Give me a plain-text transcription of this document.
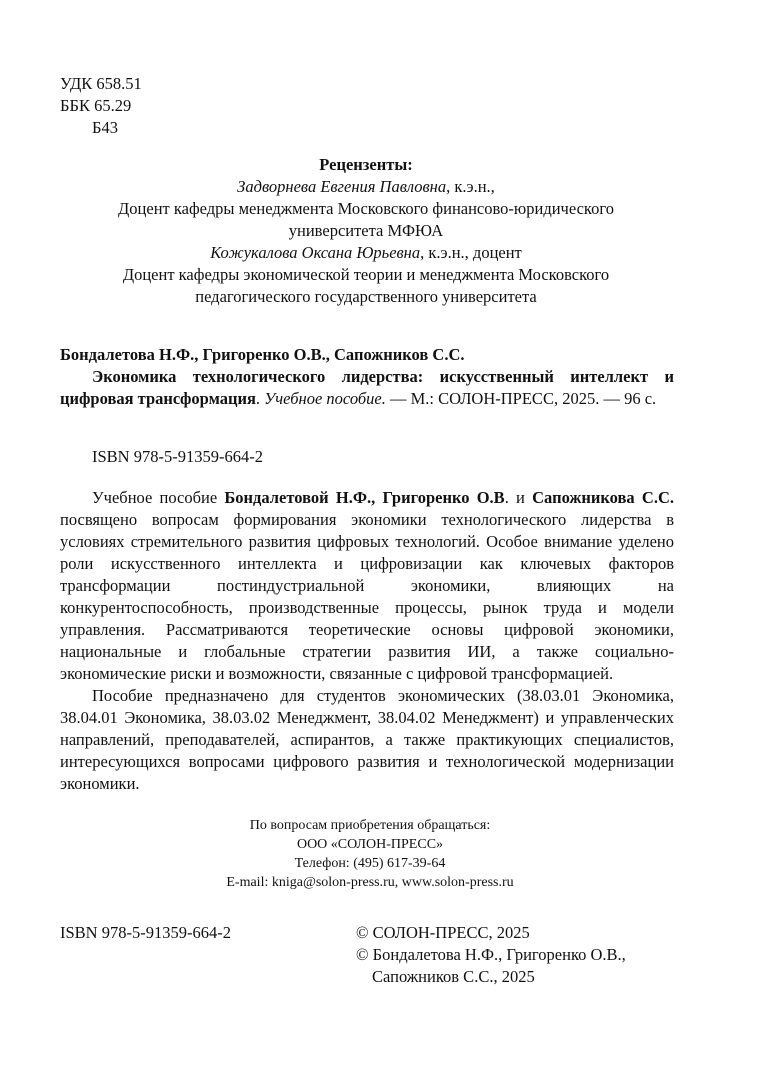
УДК 658.51
ББК 65.29
Б43
Рецензенты:
Задворнева Евгения Павловна, к.э.н.,
Доцент кафедры менеджмента Московского финансово-юридического
университета МФЮА
Кожукалова Оксана Юрьевна, к.э.н., доцент
Доцент кафедры экономической теории и менеджмента Московского
педагогического государственного университета
Бондалетова Н.Ф., Григоренко О.В., Сапожников С.С.
Экономика технологического лидерства: искусственный интеллект и цифровая трансформация. Учебное пособие. — М.: СОЛОН-ПРЕСС, 2025. — 96 с.
ISBN 978-5-91359-664-2

Учебное пособие Бондалетовой Н.Ф., Григоренко О.В. и Сапожникова С.С. посвящено вопросам формирования экономики технологического лидерства в условиях стремительного развития цифровых технологий. Особое внимание уделено роли искусственного интеллекта и цифровизации как ключевых факторов трансформации постиндустриальной экономики, влияющих на конкурентоспособность, производственные процессы, рынок труда и модели управления. Рассматриваются теоретические основы цифровой экономики, национальные и глобальные стратегии развития ИИ, а также социально-экономические риски и возможности, связанные с цифровой трансформацией.

Пособие предназначено для студентов экономических (38.03.01 Экономика, 38.04.01 Экономика, 38.03.02 Менеджмент, 38.04.02 Менеджмент) и управленческих направлений, преподавателей, аспирантов, а также практикующих специалистов, интересующихся вопросами цифрового развития и технологической модернизации экономики.

По вопросам приобретения обращаться:
ООО «СОЛОН-ПРЕСС»
Телефон: (495) 617-39-64
E-mail: kniga@solon-press.ru, www.solon-press.ru
ISBN 978-5-91359-664-2	© СОЛОН-ПРЕСС, 2025
© Бондалетова Н.Ф., Григоренко О.В.,
Сапожников С.С., 2025
